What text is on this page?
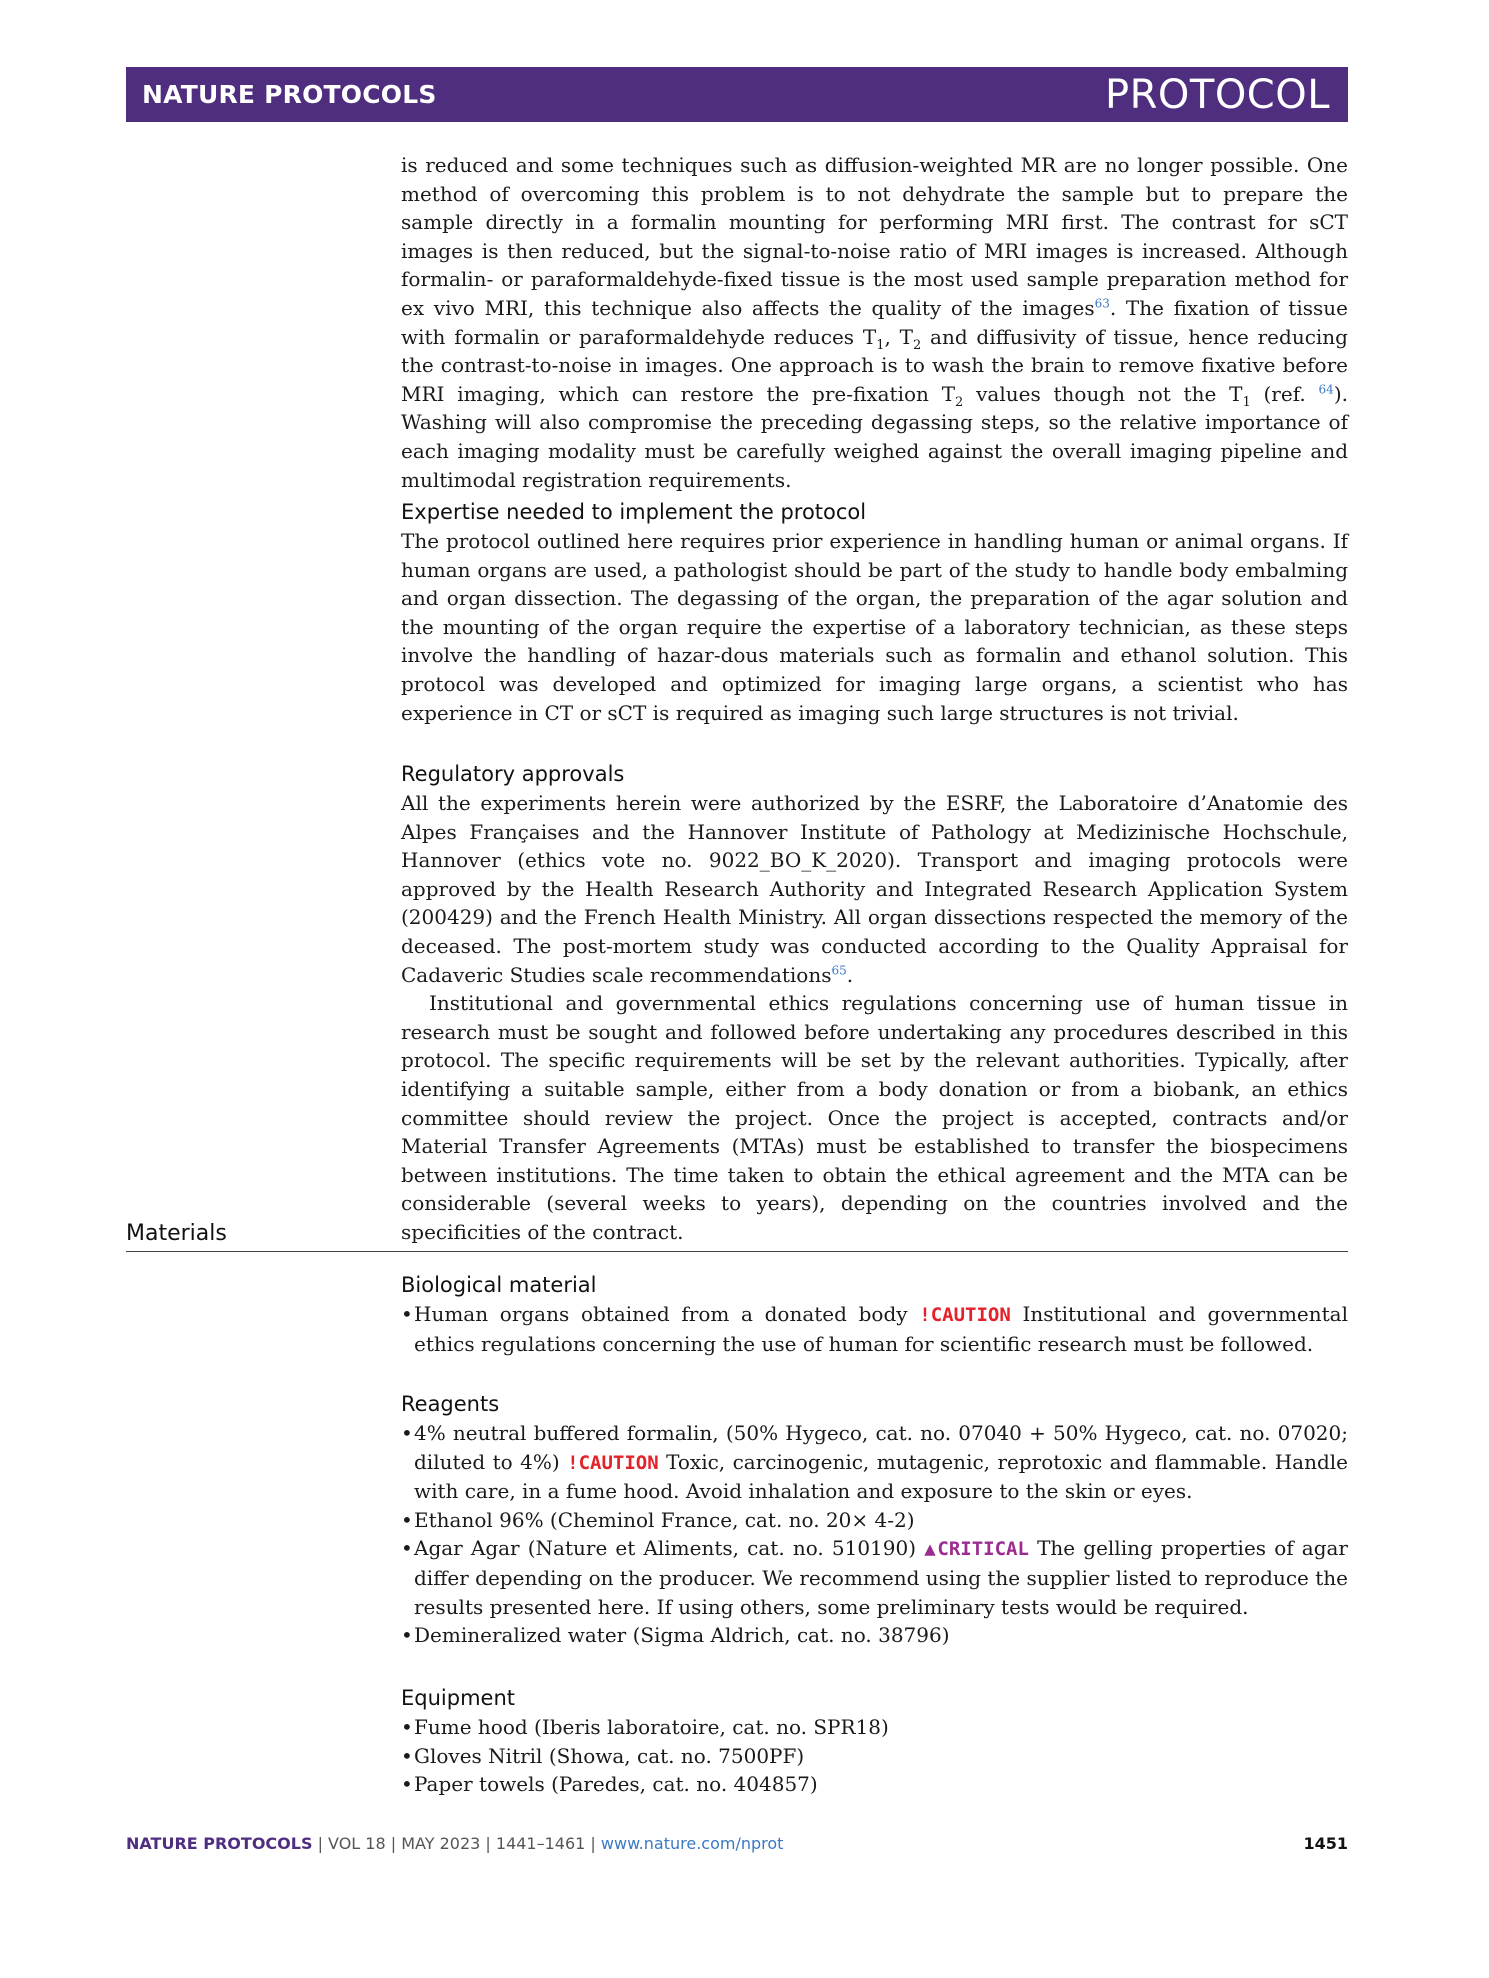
NATURE PROTOCOLS	PROTOCOL

is reduced and some techniques such as diffusion-weighted MR are no longer possible. One method of overcoming this problem is to not dehydrate the sample but to prepare the sample directly in a formalin mounting for performing MRI first. The contrast for sCT images is then reduced, but the signal-to-noise ratio of MRI images is increased. Although formalin- or paraformaldehyde-fixed tissue is the most used sample preparation method for ex vivo MRI, this technique also affects the quality of the images$^{63}$. The fixation of tissue with formalin or paraformaldehyde reduces $T_1$, $T_2$ and diffusivity of tissue, hence reducing the contrast-to-noise in images. One approach is to wash the brain to remove fixative before MRI imaging, which can restore the pre-fixation $T_2$ values though not the $T_1$ (ref. $^{64}$). Washing will also compromise the preceding degassing steps, so the relative importance of each imaging modality must be carefully weighed against the overall imaging pipeline and multimodal registration requirements.

Expertise needed to implement the protocol

The protocol outlined here requires prior experience in handling human or animal organs. If human organs are used, a pathologist should be part of the study to handle body embalming and organ dissection. The degassing of the organ, the preparation of the agar solution and the mounting of the organ require the expertise of a laboratory technician, as these steps involve the handling of hazar-dous materials such as formalin and ethanol solution. This protocol was developed and optimized for imaging large organs, a scientist who has experience in CT or sCT is required as imaging such large structures is not trivial.

Regulatory approvals

All the experiments herein were authorized by the ESRF, the Laboratoire d’Anatomie des Alpes Françaises and the Hannover Institute of Pathology at Medizinische Hochschule, Hannover (ethics vote no. 9022_BO_K_2020). Transport and imaging protocols were approved by the Health Research Authority and Integrated Research Application System (200429) and the French Health Ministry. All organ dissections respected the memory of the deceased. The post-mortem study was conducted according to the Quality Appraisal for Cadaveric Studies scale recommendations$^{65}$.

Institutional and governmental ethics regulations concerning use of human tissue in research must be sought and followed before undertaking any procedures described in this protocol. The specific requirements will be set by the relevant authorities. Typically, after identifying a suitable sample, either from a body donation or from a biobank, an ethics committee should review the project. Once the project is accepted, contracts and/or Material Transfer Agreements (MTAs) must be established to transfer the biospecimens between institutions. The time taken to obtain the ethical agreement and the MTA can be considerable (several weeks to years), depending on the countries involved and the specificities of the contract.

Materials
Biological material
• Human organs obtained from a donated body !CAUTION Institutional and governmental ethics regulations concerning the use of human for scientific research must be followed.
Reagents
• 4% neutral buffered formalin, (50% Hygeco, cat. no. 07040 + 50% Hygeco, cat. no. 07020; diluted to 4%) !CAUTION Toxic, carcinogenic, mutagenic, reprotoxic and flammable. Handle with care, in a fume hood. Avoid inhalation and exposure to the skin or eyes.
• Ethanol 96% (Cheminol France, cat. no. 20× 4-2)
• Agar Agar (Nature et Aliments, cat. no. 510190) ▲CRITICAL The gelling properties of agar differ depending on the producer. We recommend using the supplier listed to reproduce the results presented here. If using others, some preliminary tests would be required.
• Demineralized water (Sigma Aldrich, cat. no. 38796)
Equipment
• Fume hood (Iberis laboratoire, cat. no. SPR18)
• Gloves Nitril (Showa, cat. no. 7500PF)
• Paper towels (Paredes, cat. no. 404857)
NATURE PROTOCOLS | VOL 18 | MAY 2023 | 1441–1461 | www.nature.com/nprot	1451
